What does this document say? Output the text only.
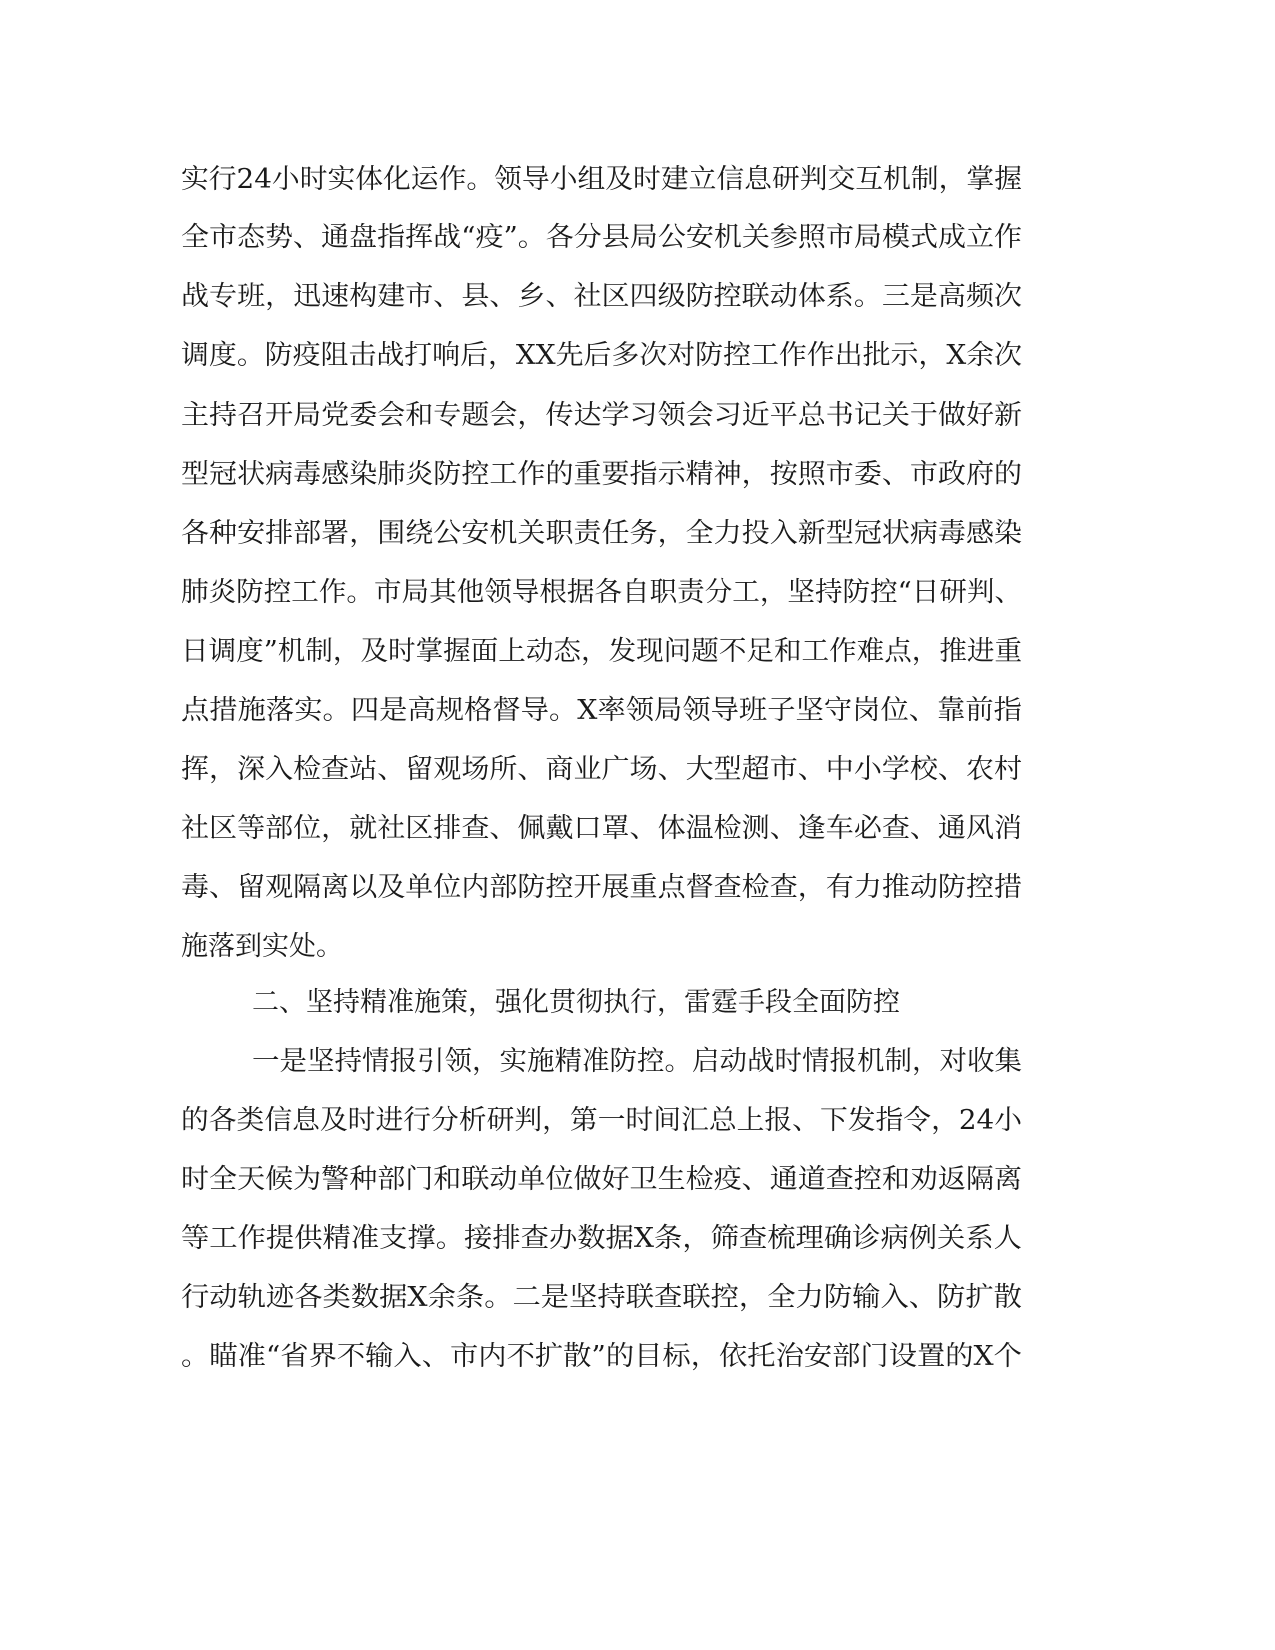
实行24小时实体化运作。领导小组及时建立信息研判交互机制，掌握
全市态势、通盘指挥战“疫”。各分县局公安机关参照市局模式成立作
战专班，迅速构建市、县、乡、社区四级防控联动体系。三是高频次
调度。防疫阻击战打响后，XX先后多次对防控工作作出批示，X余次
主持召开局党委会和专题会，传达学习领会习近平总书记关于做好新
型冠状病毒感染肺炎防控工作的重要指示精神，按照市委、市政府的
各种安排部署，围绕公安机关职责任务，全力投入新型冠状病毒感染
肺炎防控工作。市局其他领导根据各自职责分工，坚持防控“日研判、
日调度”机制，及时掌握面上动态，发现问题不足和工作难点，推进重
点措施落实。四是高规格督导。X率领局领导班子坚守岗位、靠前指
挥，深入检查站、留观场所、商业广场、大型超市、中小学校、农村
社区等部位，就社区排查、佩戴口罩、体温检测、逢车必查、通风消
毒、留观隔离以及单位内部防控开展重点督查检查，有力推动防控措
施落到实处。
二、坚持精准施策，强化贯彻执行，雷霆手段全面防控
一是坚持情报引领，实施精准防控。启动战时情报机制，对收集
的各类信息及时进行分析研判，第一时间汇总上报、下发指令，24小
时全天候为警种部门和联动单位做好卫生检疫、通道查控和劝返隔离
等工作提供精准支撑。接排查办数据X条，筛查梳理确诊病例关系人
行动轨迹各类数据X余条。二是坚持联查联控，全力防输入、防扩散
。瞄准“省界不输入、市内不扩散”的目标，依托治安部门设置的X个
